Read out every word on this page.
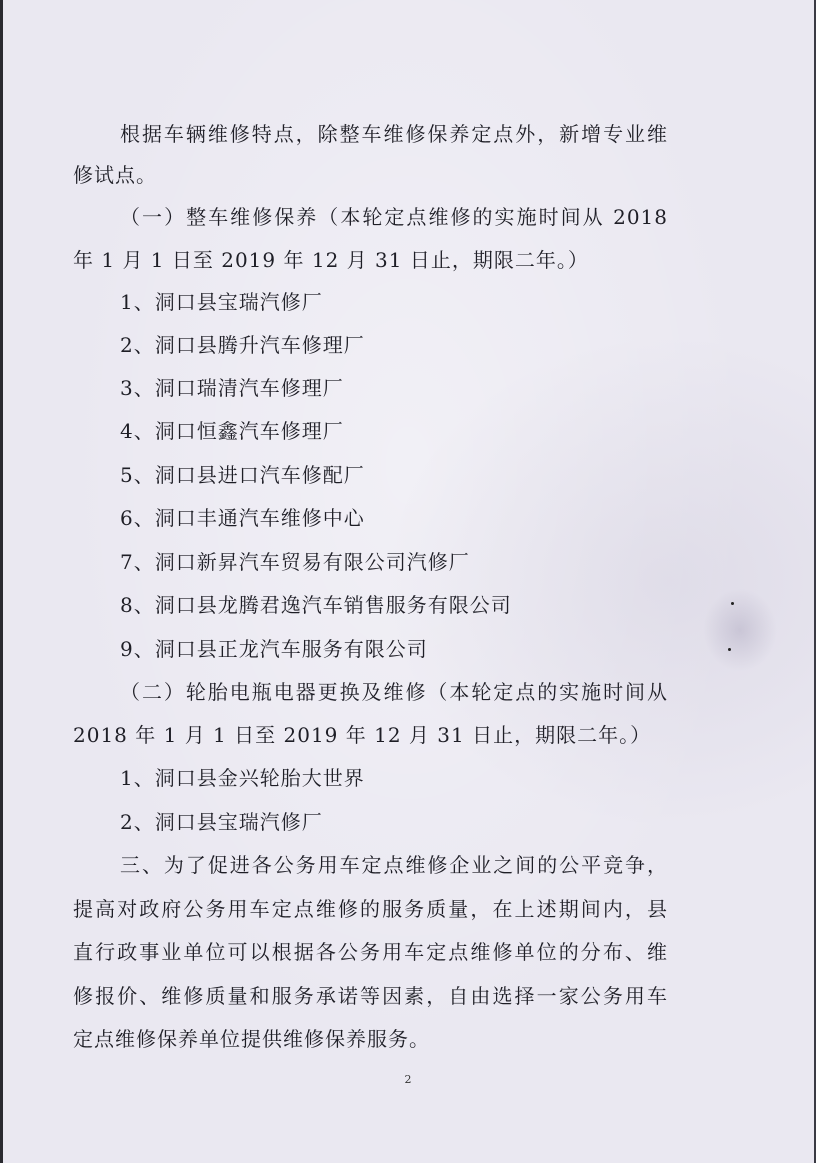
根据车辆维修特点，除整车维修保养定点外，新增专业维
修试点。
（一）整车维修保养（本轮定点维修的实施时间从 2018
年 1 月 1 日至 2019 年 12 月 31 日止，期限二年。）
1、洞口县宝瑞汽修厂
2、洞口县腾升汽车修理厂
3、洞口瑞清汽车修理厂
4、洞口恒鑫汽车修理厂
5、洞口县进口汽车修配厂
6、洞口丰通汽车维修中心
7、洞口新昇汽车贸易有限公司汽修厂
8、洞口县龙腾君逸汽车销售服务有限公司
9、洞口县正龙汽车服务有限公司
（二）轮胎电瓶电器更换及维修（本轮定点的实施时间从
2018 年 1 月 1 日至 2019 年 12 月 31 日止，期限二年。）
1、洞口县金兴轮胎大世界
2、洞口县宝瑞汽修厂
三、为了促进各公务用车定点维修企业之间的公平竞争，
提高对政府公务用车定点维修的服务质量，在上述期间内，县
直行政事业单位可以根据各公务用车定点维修单位的分布、维
修报价、维修质量和服务承诺等因素，自由选择一家公务用车
定点维修保养单位提供维修保养服务。
2
